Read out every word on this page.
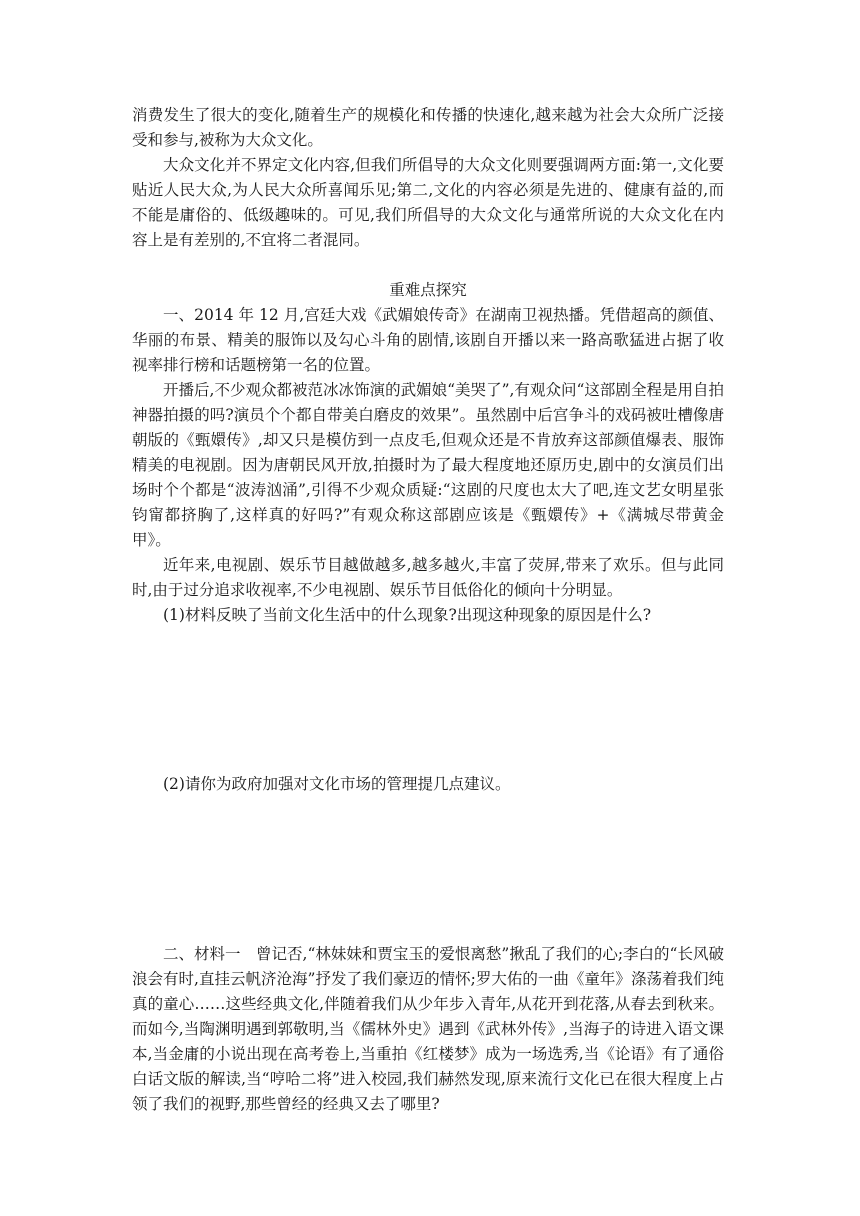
消费发生了很大的变化,随着生产的规模化和传播的快速化,越来越为社会大众所广泛接受和参与,被称为大众文化。

大众文化并不界定文化内容,但我们所倡导的大众文化则要强调两方面:第一,文化要贴近人民大众,为人民大众所喜闻乐见;第二,文化的内容必须是先进的、健康有益的,而不能是庸俗的、低级趣味的。可见,我们所倡导的大众文化与通常所说的大众文化在内容上是有差别的,不宜将二者混同。

重难点探究

一、2014 年 12 月,宫廷大戏《武媚娘传奇》在湖南卫视热播。凭借超高的颜值、华丽的布景、精美的服饰以及勾心斗角的剧情,该剧自开播以来一路高歌猛进占据了收视率排行榜和话题榜第一名的位置。

开播后,不少观众都被范冰冰饰演的武媚娘“美哭了”,有观众问“这部剧全程是用自拍神器拍摄的吗?演员个个都自带美白磨皮的效果”。虽然剧中后宫争斗的戏码被吐槽像唐朝版的《甄嬛传》,却又只是模仿到一点皮毛,但观众还是不肯放弃这部颜值爆表、服饰精美的电视剧。因为唐朝民风开放,拍摄时为了最大程度地还原历史,剧中的女演员们出场时个个都是“波涛汹涌”,引得不少观众质疑:“这剧的尺度也太大了吧,连文艺女明星张钧甯都挤胸了,这样真的好吗?”有观众称这部剧应该是《甄嬛传》+《满城尽带黄金甲》。

近年来,电视剧、娱乐节目越做越多,越多越火,丰富了荧屏,带来了欢乐。但与此同时,由于过分追求收视率,不少电视剧、娱乐节目低俗化的倾向十分明显。

(1)材料反映了当前文化生活中的什么现象?出现这种现象的原因是什么?

(2)请你为政府加强对文化市场的管理提几点建议。

二、材料一　曾记否,“林妹妹和贾宝玉的爱恨离愁”揪乱了我们的心;李白的“长风破浪会有时,直挂云帆济沧海”抒发了我们豪迈的情怀;罗大佑的一曲《童年》涤荡着我们纯真的童心……这些经典文化,伴随着我们从少年步入青年,从花开到花落,从春去到秋来。而如今,当陶渊明遇到郭敬明,当《儒林外史》遇到《武林外传》,当海子的诗进入语文课本,当金庸的小说出现在高考卷上,当重拍《红楼梦》成为一场选秀,当《论语》有了通俗白话文版的解读,当“哼哈二将”进入校园,我们赫然发现,原来流行文化已在很大程度上占领了我们的视野,那些曾经的经典又去了哪里?
